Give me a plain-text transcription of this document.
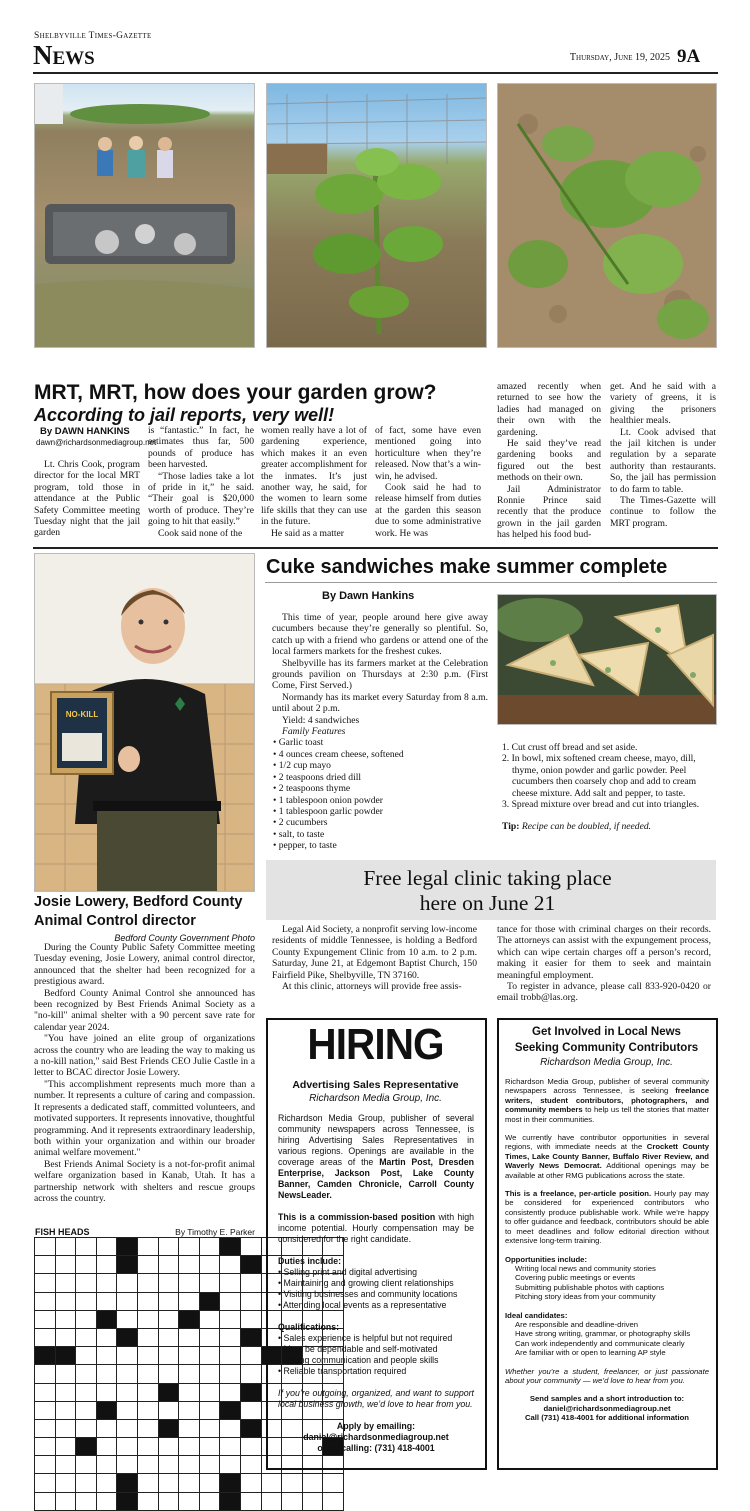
Shelbyville Times-Gazette
News	Thursday, June 19, 2025 9A
MRT, MRT, how does your garden grow?
According to jail reports, very well!
By DAWN HANKINS
dawn@richardsonmediagroup.net

Lt. Chris Cook, program director for the local MRT program, told those in attendance at the Public Safety Committee meeting Tuesday night that the jail garden

is “fantastic.” In fact, he estimates thus far, 500 pounds of produce has been harvested.

“Those ladies take a lot of pride in it,” he said. “Their goal is $20,000 worth of produce. They’re going to hit that easily.”

Cook said none of the

women really have a lot of gardening experience, which makes it an even greater accomplishment for the inmates. It’s just another way, he said, for the women to learn some life skills that they can use in the future.

He said as a matter

of fact, some have even mentioned going into horticulture when they’re released. Now that’s a win-win, he advised.

Cook said he had to release himself from duties at the garden this season due to some administrative work. He was

amazed recently when returned to see how the ladies had managed on their own with the gardening.

He said they’ve read gardening books and figured out the best methods on their own.

Jail Administrator Ronnie Prince said recently that the produce grown in the jail garden has helped his food bud-

get. And he said with a variety of greens, it is giving the prisoners healthier meals.

Lt. Cook advised that the jail kitchen is under regulation by a separate authority than restaurants. So, the jail has permission to do farm to table.

The Times-Gazette will continue to follow the MRT program.

NO-KILL
Josie Lowery, Bedford County Animal Control director
Bedford County Government Photo

During the County Public Safety Committee meeting Tuesday evening, Josie Lowery, animal control director, announced that the shelter had been recognized for a prestigious award.

Bedford County Animal Control she announced has been recognized by Best Friends Animal Society as a "no-kill" animal shelter with a 90 percent save rate for calendar year 2024.

"You have joined an elite group of organizations across the country who are leading the way to making us a no-kill nation," said Best Friends CEO Julie Castle in a letter to BCAC director Josie Lowery.

"This accomplishment represents much more than a number. It represents a culture of caring and compassion. It represents a dedicated staff, committed volunteers, and motivated supporters. It represents innovative, thoughtful programming. And it represents extraordinary leadership, both within your organization and within our broader animal welfare movement."

Best Friends Animal Society is a not-for-profit animal welfare organization based in Kanab, Utah. It has a partnership network with shelters and rescue groups across the country.

FISH HEADS	By Timothy E. Parker

Cuke sandwiches make summer complete
By Dawn Hankins

This time of year, people around here give away cucumbers because they’re generally so plentiful. So, catch up with a friend who gardens or attend one of the local farmers markets for the freshest cukes.

Shelbyville has its farmers market at the Celebration grounds pavilion on Thursdays at 2:30 p.m. (First Come, First Served.)

Normandy has its market every Saturday from 8 a.m. until about 2 p.m.

Yield: 4 sandwiches

Family Features

• Garlic toast
• 4 ounces cream cheese, softened
• 1/2 cup mayo
• 2 teaspoons dried dill
• 2 teaspoons thyme
• 1 tablespoon onion powder
• 1 tablespoon garlic powder
• 2 cucumbers
• salt, to taste
• pepper, to taste
1. Cut crust off bread and set aside.
2. In bowl, mix softened cream cheese, mayo, dill, thyme, onion powder and garlic powder. Peel cucumbers then coarsely chop and add to cream cheese mixture. Add salt and pepper, to taste.
3. Spread mixture over bread and cut into triangles.
Tip: Recipe can be doubled, if needed.
Free legal clinic taking place here on June 21

Legal Aid Society, a nonprofit serving low-income residents of middle Tennessee, is holding a Bedford County Expungement Clinic from 10 a.m. to 2 p.m. Saturday, June 21, at Edgemont Baptist Church, 150 Fairfield Pike, Shelbyville, TN 37160.

At this clinic, attorneys will provide free assis-

tance for those with criminal charges on their records. The attorneys can assist with the expungement process, which can wipe certain charges off a person’s record, making it easier for them to seek and maintain meaningful employment.

To register in advance, please call 833-920-0420 or email trobb@las.org.

HIRING
Advertising Sales Representative
Richardson Media Group, Inc.
Richardson Media Group, publisher of several community newspapers across Tennessee, is hiring Advertising Sales Representatives in various regions. Openings are available in the coverage areas of the Martin Post, Dresden Enterprise, Jackson Post, Lake County Banner, Camden Chronicle, Carroll County NewsLeader.
This is a commission-based position with high income potential. Hourly compensation may be considered for the right candidate.
Duties include:
• Selling print and digital advertising
• Maintaining and growing client relationships
• Visiting businesses and community locations
• Attending local events as a representative
Qualifications:
• Sales experience is helpful but not required
• Must be dependable and self-motivated
• Strong communication and people skills
• Reliable transportation required
If you’re outgoing, organized, and want to support local business growth, we’d love to hear from you.
Apply by emailing:
daniel@richardsonmediagroup.net
or by calling: (731) 418-4001
Get Involved in Local News
Seeking Community Contributors
Richardson Media Group, Inc.
Richardson Media Group, publisher of several community newspapers across Tennessee, is seeking freelance writers, student contributors, photographers, and community members to help us tell the stories that matter most in their communities.
We currently have contributor opportunities in several regions, with immediate needs at the Crockett County Times, Lake County Banner, Buffalo River Review, and Waverly News Democrat. Additional openings may be available at other RMG publications across the state.
This is a freelance, per-article position. Hourly pay may be considered for experienced contributors who consistently produce publishable work. While we’re happy to offer guidance and feedback, contributors should be able to meet deadlines and follow editorial direction without extensive long-term training.
Opportunities include:
Writing local news and community stories
Covering public meetings or events
Submitting publishable photos with captions
Pitching story ideas from your community
Ideal candidates:
Are responsible and deadline-driven
Have strong writing, grammar, or photography skills
Can work independently and communicate clearly
Are familiar with or open to learning AP style
Whether you’re a student, freelancer, or just passionate about your community — we’d love to hear from you.
Send samples and a short introduction to:
daniel@richardsonmediagroup.net
Call (731) 418-4001 for additional information
